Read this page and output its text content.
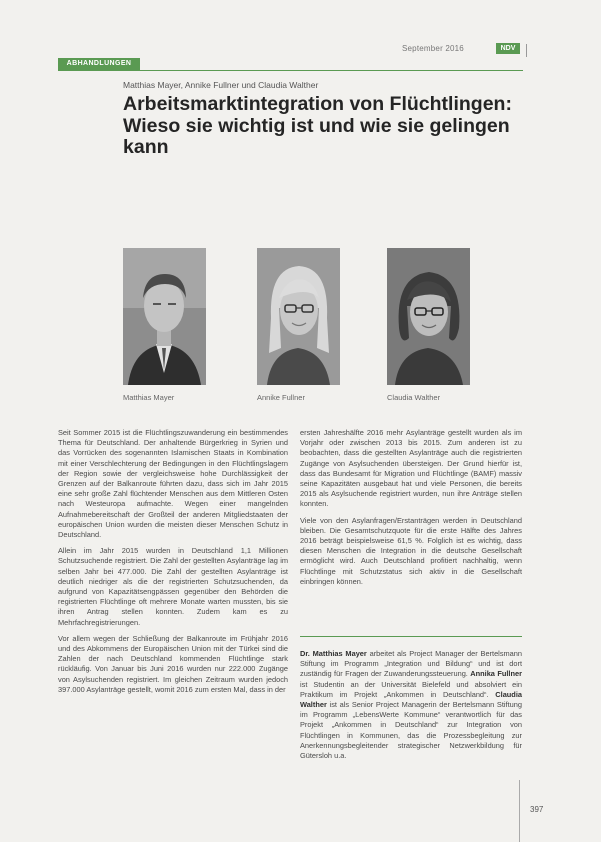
September 2016	NDV
ABHANDLUNGEN
Matthias Mayer, Annike Fullner und Claudia Walther
Arbeitsmarktintegration von Flüchtlingen: Wieso sie wichtig ist und wie sie gelingen kann
Matthias Mayer	Annike Fullner	Claudia Walther

Seit Sommer 2015 ist die Flüchtlingszuwanderung ein bestimmendes Thema für Deutschland. Der anhaltende Bürgerkrieg in Syrien und das Vorrücken des sogenannten Islamischen Staats in Kombination mit einer Verschlechterung der Bedingungen in den Flüchtlingslagern der Region sowie der vergleichsweise hohe Durchlässigkeit der Grenzen auf der Balkanroute führten dazu, dass sich im Jahr 2015 eine sehr große Zahl flüchtender Menschen aus dem Mittleren Osten nach Westeuropa aufmachte. Wegen einer mangelnden Aufnahmebereitschaft der Großteil der anderen Mitgliedstaaten der europäischen Union wurden die meisten dieser Menschen Schutz in Deutschland.

Allein im Jahr 2015 wurden in Deutschland 1,1 Millionen Schutzsuchende registriert. Die Zahl der gestellten Asylanträge lag im selben Jahr bei 477.000. Die Zahl der gestellten Asylanträge ist deutlich niedriger als die der registrierten Schutzsuchenden, da aufgrund von Kapazitätsengpässen gegenüber den Behörden die registrierten Flüchtlinge oft mehrere Monate warten mussten, bis sie ihren Antrag stellen konnten. Zudem kam es zu Mehrfachregistrierungen.

Vor allem wegen der Schließung der Balkanroute im Frühjahr 2016 und des Abkommens der Europäischen Union mit der Türkei sind die Zahlen der nach Deutschland kommenden Flüchtlinge stark rückläufig. Von Januar bis Juni 2016 wurden nur 222.000 Zugänge von Asylsuchenden registriert. Im gleichen Zeitraum wurden jedoch 397.000 Asylanträge gestellt, womit 2016 zum ersten Mal, dass in der

ersten Jahreshälfte 2016 mehr Asylanträge gestellt wurden als im Vorjahr oder zwischen 2013 bis 2015. Zum anderen ist zu beobachten, dass die gestellten Asylanträge auch die registrierten Zugänge von Asylsuchenden übersteigen. Der Grund hierfür ist, dass das Bundesamt für Migration und Flüchtlinge (BAMF) massiv seine Kapazitäten ausgebaut hat und viele Personen, die bereits 2015 als Asylsuchende registriert wurden, nun ihre Anträge stellen konnten.

Viele von den Asylanfragen/Erstanträgen werden in Deutschland bleiben. Die Gesamtschutzquote für die erste Hälfte des Jahres 2016 beträgt beispielsweise 61,5 %. Folglich ist es wichtig, dass diesen Menschen die Integration in die deutsche Gesellschaft ermöglicht wird. Auch Deutschland profitiert nachhaltig, wenn Flüchtlinge mit Schutzstatus sich aktiv in die Gesellschaft einbringen können.

Dr. Matthias Mayer arbeitet als Project Manager der Bertelsmann Stiftung im Programm „Integration und Bildung“ und ist dort zuständig für Fragen der Zuwanderungssteuerung. Annika Fullner ist Studentin an der Universität Bielefeld und absolviert ein Praktikum im Projekt „Ankommen in Deutschland“. Claudia Walther ist als Senior Project Managerin der Bertelsmann Stiftung im Programm „LebensWerte Kommune“ verantwortlich für das Projekt „Ankommen in Deutschland“ zur Integration von Flüchtlingen in Kommunen, das die Prozessbegleitung zur Anerkennungsbegleitender strategischer Netzwerkbildung für Gütersloh u.a.
397
